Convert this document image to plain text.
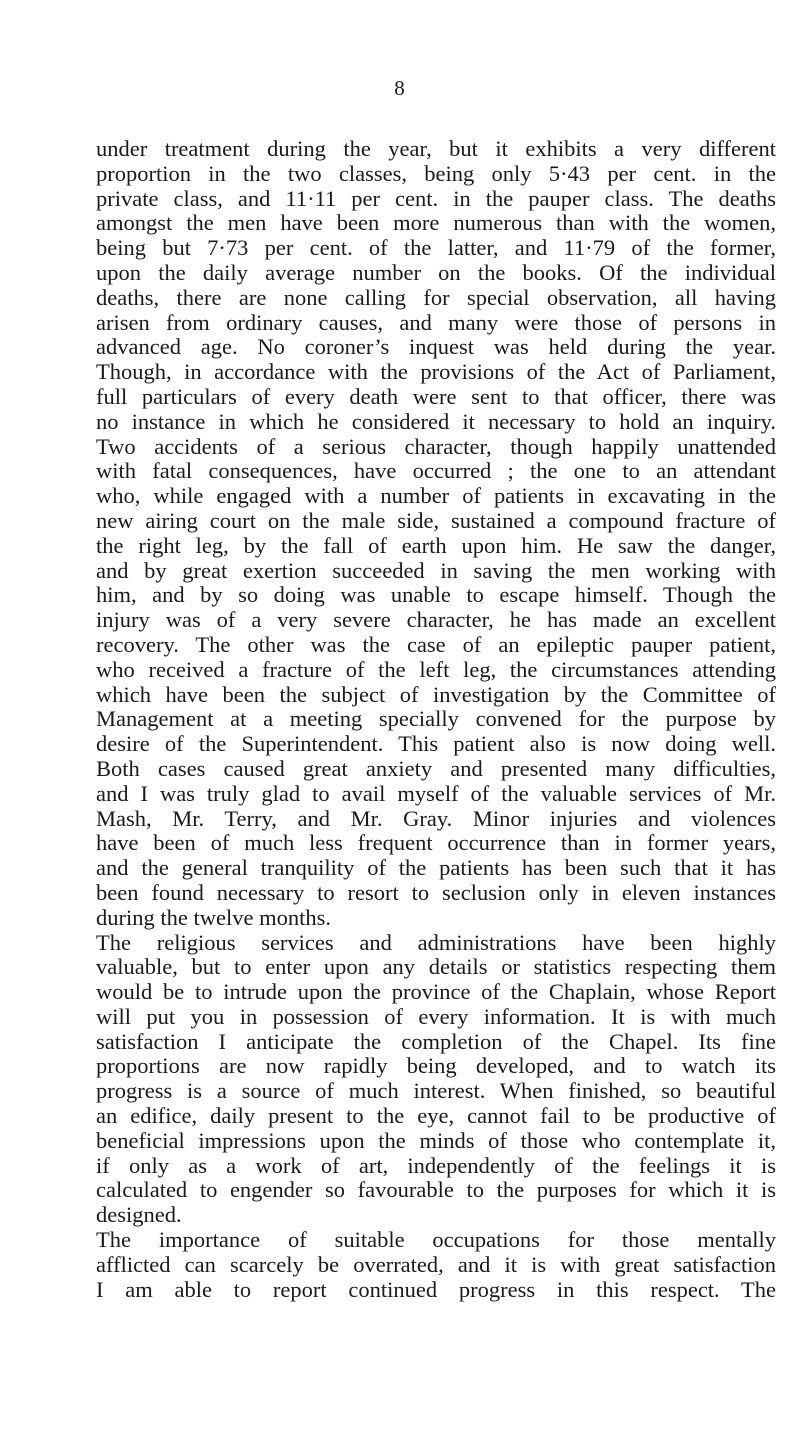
8
under treatment during the year, but it exhibits a very different
proportion in the two classes, being only 5·43 per cent. in the
private class, and 11·11 per cent. in the pauper class. The deaths
amongst the men have been more numerous than with the women,
being but 7·73 per cent. of the latter, and 11·79 of the former,
upon the daily average number on the books. Of the individual
deaths, there are none calling for special observation, all having
arisen from ordinary causes, and many were those of persons in
advanced age. No coroner’s inquest was held during the year.
Though, in accordance with the provisions of the Act of Parliament,
full particulars of every death were sent to that officer, there was
no instance in which he considered it necessary to hold an inquiry.
Two accidents of a serious character, though happily unattended
with fatal consequences, have occurred ; the one to an attendant
who, while engaged with a number of patients in excavating in the
new airing court on the male side, sustained a compound fracture of
the right leg, by the fall of earth upon him. He saw the danger,
and by great exertion succeeded in saving the men working with
him, and by so doing was unable to escape himself. Though the
injury was of a very severe character, he has made an excellent
recovery. The other was the case of an epileptic pauper patient,
who received a fracture of the left leg, the circumstances attending
which have been the subject of investigation by the Committee of
Management at a meeting specially convened for the purpose by
desire of the Superintendent. This patient also is now doing well.
Both cases caused great anxiety and presented many difficulties,
and I was truly glad to avail myself of the valuable services of Mr.
Mash, Mr. Terry, and Mr. Gray. Minor injuries and violences
have been of much less frequent occurrence than in former years,
and the general tranquility of the patients has been such that it has
been found necessary to resort to seclusion only in eleven instances
during the twelve months.
The religious services and administrations have been highly
valuable, but to enter upon any details or statistics respecting them
would be to intrude upon the province of the Chaplain, whose Report
will put you in possession of every information. It is with much
satisfaction I anticipate the completion of the Chapel. Its fine
proportions are now rapidly being developed, and to watch its
progress is a source of much interest. When finished, so beautiful
an edifice, daily present to the eye, cannot fail to be productive of
beneficial impressions upon the minds of those who contemplate it,
if only as a work of art, independently of the feelings it is
calculated to engender so favourable to the purposes for which it is
designed.
The importance of suitable occupations for those mentally
afflicted can scarcely be overrated, and it is with great satisfaction
I am able to report continued progress in this respect. The
